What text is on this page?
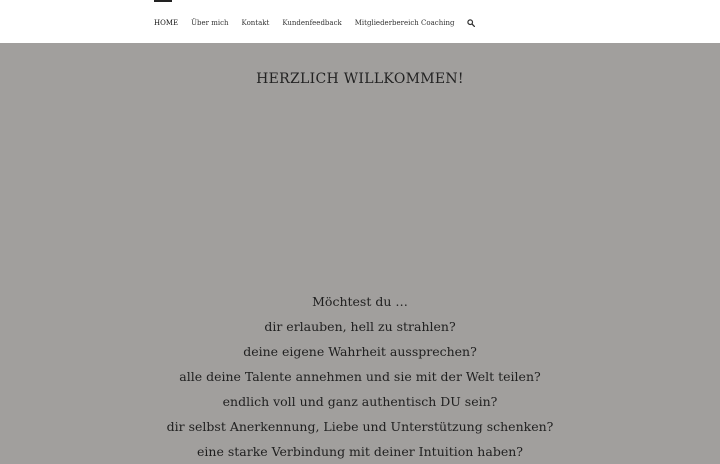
HOME Über mich Kontakt Kundenfeedback Mitgliederbereich Coaching
HERZLICH WILLKOMMEN!
Möchtest du …
dir erlauben, hell zu strahlen?
deine eigene Wahrheit aussprechen?
alle deine Talente annehmen und sie mit der Welt teilen?
endlich voll und ganz authentisch DU sein?
dir selbst Anerkennung, Liebe und Unterstützung schenken?
eine starke Verbindung mit deiner Intuition haben?
